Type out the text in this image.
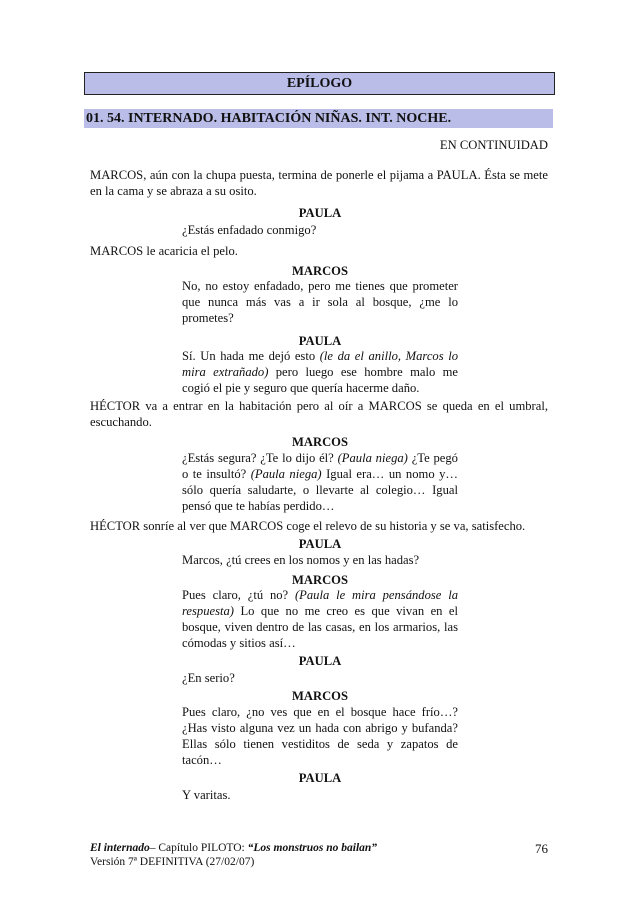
EPÍLOGO
01. 54. INTERNADO. HABITACIÓN NIÑAS. INT. NOCHE.
EN CONTINUIDAD
MARCOS, aún con la chupa puesta, termina de ponerle el pijama a PAULA. Ésta se mete en la cama y se abraza a su osito.
PAULA
¿Estás enfadado conmigo?
MARCOS le acaricia el pelo.
MARCOS
No, no estoy enfadado, pero me tienes que prometer que nunca más vas a ir sola al bosque, ¿me lo prometes?
PAULA
Sí. Un hada me dejó esto (le da el anillo, Marcos lo mira extrañado) pero luego ese hombre malo me cogió el pie y seguro que quería hacerme daño.
HÉCTOR va a entrar en la habitación pero al oír a MARCOS se queda en el umbral, escuchando.
MARCOS
¿Estás segura? ¿Te lo dijo él? (Paula niega) ¿Te pegó o te insultó? (Paula niega) Igual era… un nomo y… sólo quería saludarte, o llevarte al colegio… Igual pensó que te habías perdido…
HÉCTOR sonríe al ver que MARCOS coge el relevo de su historia y se va, satisfecho.
PAULA
Marcos, ¿tú crees en los nomos y en las hadas?
MARCOS
Pues claro, ¿tú no? (Paula le mira pensándose la respuesta) Lo que no me creo es que vivan en el bosque, viven dentro de las casas, en los armarios, las cómodas y sitios así…
PAULA
¿En serio?
MARCOS
Pues claro, ¿no ves que en el bosque hace frío…? ¿Has visto alguna vez un hada con abrigo y bufanda? Ellas sólo tienen vestiditos de seda y zapatos de tacón…
PAULA
Y varitas.
El internado– Capítulo PILOTO: “Los monstruos no bailan”
Versión 7ª DEFINITIVA (27/02/07)
76
